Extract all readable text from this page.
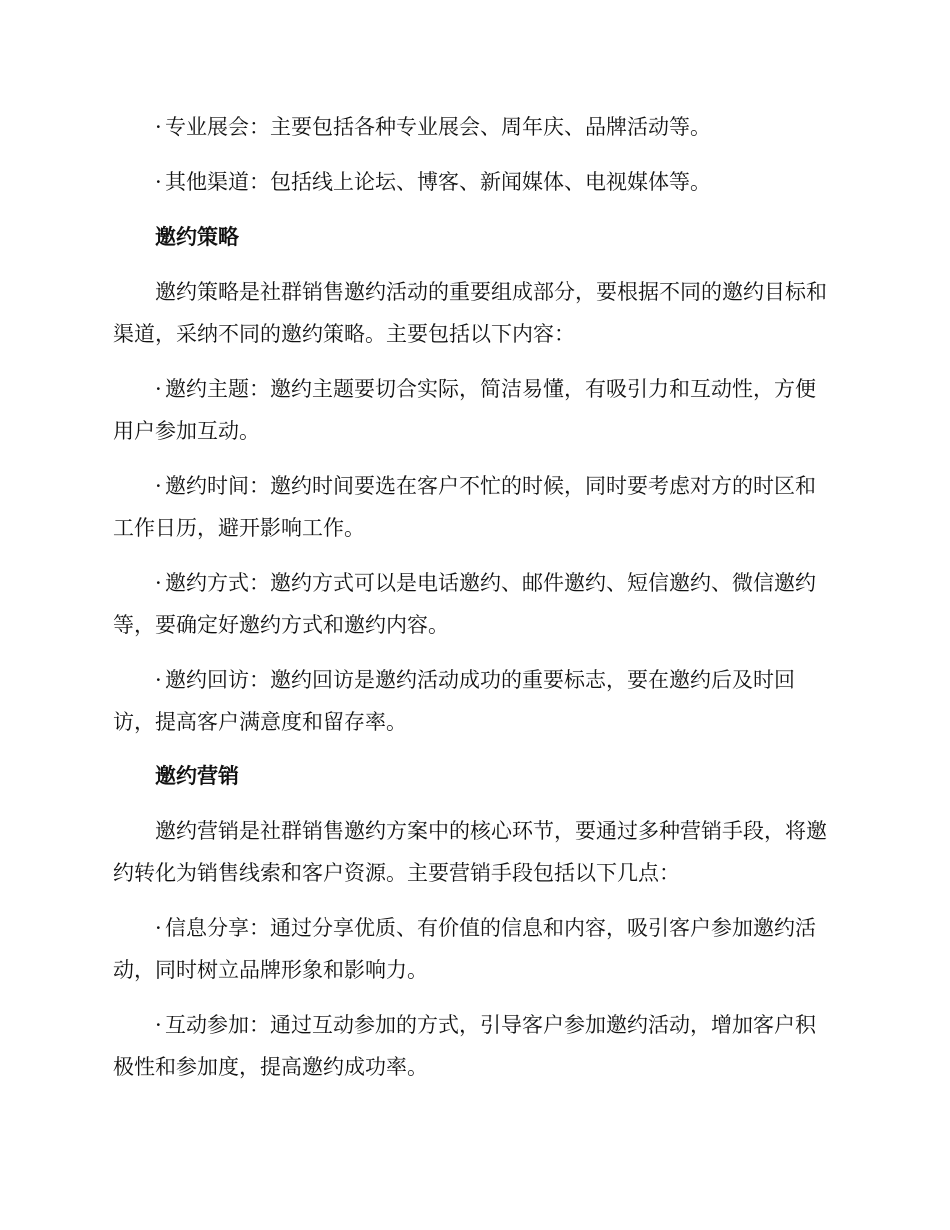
· 专业展会：主要包括各种专业展会、周年庆、品牌活动等。

· 其他渠道：包括线上论坛、博客、新闻媒体、电视媒体等。

邀约策略

邀约策略是社群销售邀约活动的重要组成部分，要根据不同的邀约目标和渠道，采纳不同的邀约策略。主要包括以下内容：

· 邀约主题：邀约主题要切合实际，简洁易懂，有吸引力和互动性，方便用户参加互动。

· 邀约时间：邀约时间要选在客户不忙的时候，同时要考虑对方的时区和工作日历，避开影响工作。

· 邀约方式：邀约方式可以是电话邀约、邮件邀约、短信邀约、微信邀约等，要确定好邀约方式和邀约内容。

· 邀约回访：邀约回访是邀约活动成功的重要标志，要在邀约后及时回访，提高客户满意度和留存率。

邀约营销

邀约营销是社群销售邀约方案中的核心环节，要通过多种营销手段，将邀约转化为销售线索和客户资源。主要营销手段包括以下几点：

· 信息分享：通过分享优质、有价值的信息和内容，吸引客户参加邀约活动，同时树立品牌形象和影响力。

· 互动参加：通过互动参加的方式，引导客户参加邀约活动，增加客户积极性和参加度，提高邀约成功率。
